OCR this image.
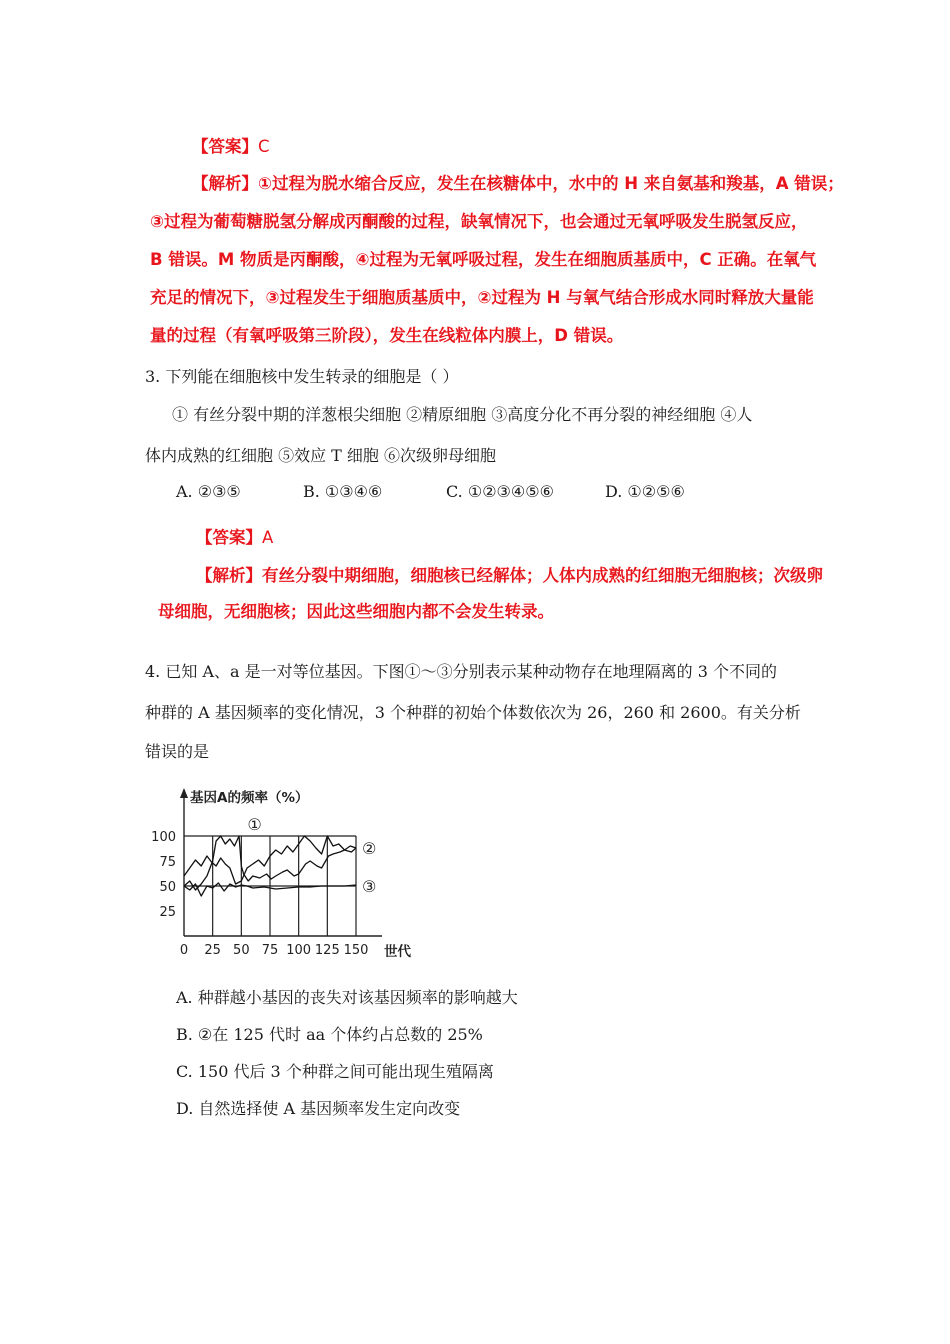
【答案】C
【解析】①过程为脱水缩合反应，发生在核糖体中，水中的 H 来自氨基和羧基，A 错误；
③过程为葡萄糖脱氢分解成丙酮酸的过程，缺氧情况下，也会通过无氧呼吸发生脱氢反应，
B 错误。M 物质是丙酮酸，④过程为无氧呼吸过程，发生在细胞质基质中，C 正确。在氧气
充足的情况下，③过程发生于细胞质基质中，②过程为 H 与氧气结合形成水同时释放大量能
量的过程（有氧呼吸第三阶段），发生在线粒体内膜上，D 错误。
3. 下列能在细胞核中发生转录的细胞是（ ）
① 有丝分裂中期的洋葱根尖细胞 ②精原细胞 ③高度分化不再分裂的神经细胞 ④人
体内成熟的红细胞 ⑤效应 T 细胞 ⑥次级卵母细胞
A. ②③⑤	B. ①③④⑥	C. ①②③④⑤⑥	D. ①②⑤⑥
【答案】A
【解析】有丝分裂中期细胞，细胞核已经解体；人体内成熟的红细胞无细胞核；次级卵
母细胞，无细胞核；因此这些细胞内都不会发生转录。
4. 已知 A、a 是一对等位基因。下图①～③分别表示某种动物存在地理隔离的 3 个不同的
种群的 A 基因频率的变化情况，3 个种群的初始个体数依次为 26，260 和 2600。有关分析
错误的是
0 25 50 75 100 125 150
100
75
50
25
基因A的频率（%）
世代
①
②
③
A. 种群越小基因的丧失对该基因频率的影响越大
B. ②在 125 代时 aa 个体约占总数的 25%
C. 150 代后 3 个种群之间可能出现生殖隔离
D. 自然选择使 A 基因频率发生定向改变
